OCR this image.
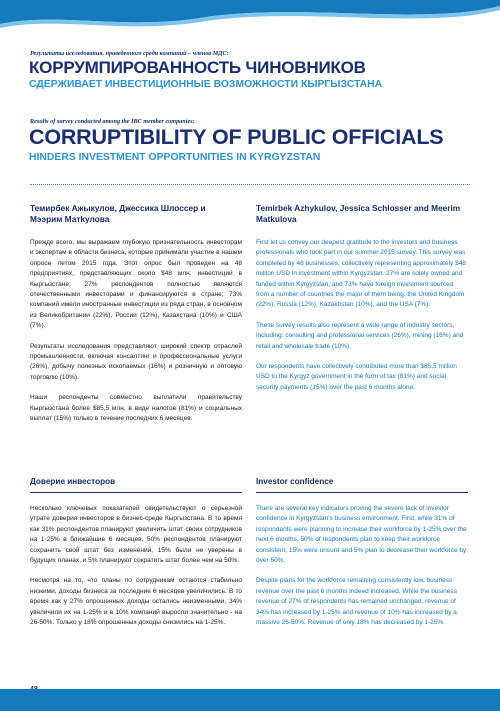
Результаты исследования, проведенного среди компаний – членов МДС:
КОРРУМПИРОВАННОСТЬ ЧИНОВНИКОВ
СДЕРЖИВАЕТ ИНВЕСТИЦИОННЫЕ ВОЗМОЖНОСТИ КЫРГЫЗСТАНА
Results of survey conducted among the IBC member companies:
CORRUPTIBILITY OF PUBLIC OFFICIALS
HINDERS INVESTMENT OPPORTUNITIES IN KYRGYZSTAN
Темирбек Ажыкулов, Джессика Шлоссер и Мээрим Матkулова
Temirbek Azhykulov, Jessica Schlosser and Meerim Matkulova

Прежде всего, мы выражаем глубокую признательность инвесторам и экспертам в области бизнеса, которые принимали участие в нашем опросе летом 2015 года. Этот опрос был проведен на 48 предприятиях, представляющих около $48 млн. инвестиций в Кыргызстане; 27% респондентов полностью являются отечественными инвесторами и финансируются в стране; 73% компаний имели иностранные инвестиции из ряда стран, в основном из Великобритании (22%), России (12%), Казахстана (10%) и США (7%).

Результаты исследования представляют широкий спектр отраслей промышленности, включая консалтинг и профессиональные услуги (26%), добычу полезных ископаемых (16%) и розничную и оптовую торговлю (10%).

Наши респонденты совместно выплатили правительству Кыргызстана более $85,5 млн. в виде налогов (81%) и социальных выплат (15%) только в течение последних 6 месяцев.

First let us convey our deepest gratitude to the investors and business professionals who took part in our summer 2015 survey. This survey was completed by 48 businesses, collectively representing approximately $48 million USD in investment within Kyrgyzstan. 27% are solely owned and funded within Kyrgyzstan, and 73% have foreign investment sourced from a number of countries the major of them being: the United Kingdom (22%), Russia (12%), Kazakhstan (10%), and the USA (7%).

These survey results also represent a wide range of industry sectors, including: consulting and professional services (26%), mining (16%) and retail and wholesale trade (10%).

Our respondents have collectively contributed more than $85.5 million USD to the Kyrgyz government in the form of tax (81%) and social security payments (15%) over the past 6 months alone.

Доверие инвесторов	Investor confidence

Несколько ключевых показателей свидетельствуют о серьезной утрате доверия инвесторов в бизнес-среде Кыргызстана. В то время как 31% респондентов планируют увеличить штат своих сотрудников на 1-25% в ближайшие 6 месяцев, 50% респондентов планируют сохранить свой штат без изменений, 15% были не уверены в будущих планах, и 5% планируют сократить штат более чем на 50%.

Несмотря на то, что планы по сотрудникам остаются стабильно низкими, доходы бизнеса за последние 6 месяцев увеличились. В то время как у 27% опрошенных доходы остались неизменными, 34% увеличили их на 1-25% и в 10% компаний выросли значительно - на 26-50%. Только у 18% опрошенных доходы снизились на 1-25%.

There are several key indicators proving the severe lack of investor confidence in Kyrgyzstan's business environment. First, while 31% of respondents were planning to increase their workforce by 1-25% over the next 6 months, 50% of respondents plan to keep their workforce consistent, 15% were unsure and 5% plan to decrease their workforce by over 50%.

Despite plans for the workforce remaining consistently low, business revenue over the past 6 months indeed increased. While the business revenue of 27% of respondents has remained unchanged, revenue of 34% has increased by 1-25% and revenue of 10% has increased by a massive 26-50%. Revenue of only 18% has decreased by 1-25%.
